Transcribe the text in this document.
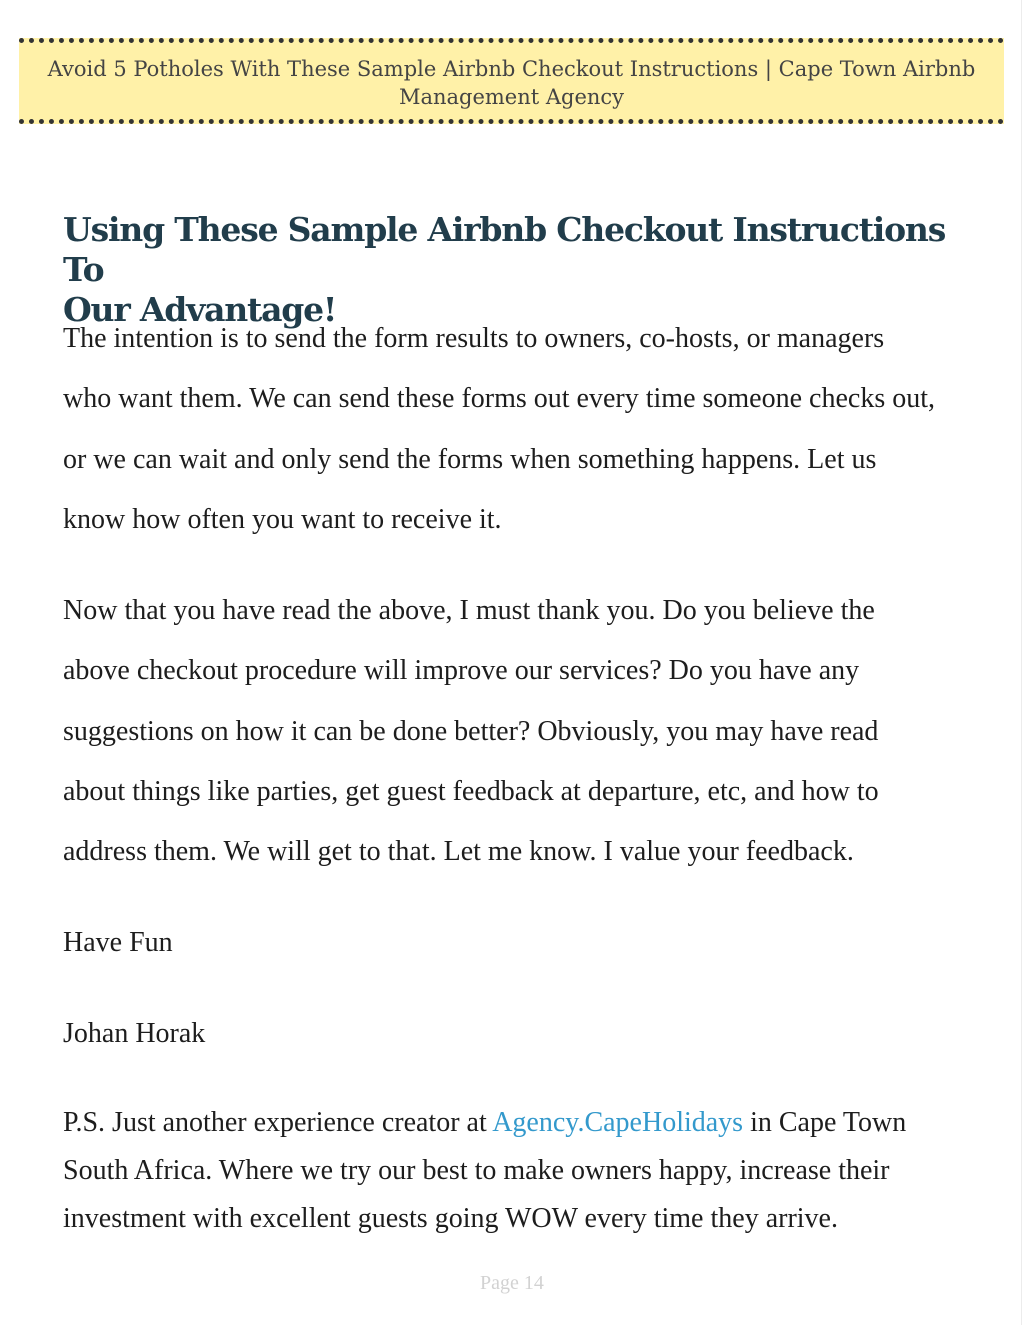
Avoid 5 Potholes With These Sample Airbnb Checkout Instructions | Cape Town Airbnb
Management Agency
Using These Sample Airbnb Checkout Instructions To
Our Advantage!
The intention is to send the form results to owners, co-hosts, or managers
who want them. We can send these forms out every time someone checks out,
or we can wait and only send the forms when something happens. Let us
know how often you want to receive it.
Now that you have read the above, I must thank you. Do you believe the
above checkout procedure will improve our services? Do you have any
suggestions on how it can be done better? Obviously, you may have read
about things like parties, get guest feedback at departure, etc, and how to
address them. We will get to that. Let me know. I value your feedback.
Have Fun
Johan Horak
P.S. Just another experience creator at Agency.CapeHolidays in Cape Town
South Africa. Where we try our best to make owners happy, increase their
investment with excellent guests going WOW every time they arrive.
Page 14
